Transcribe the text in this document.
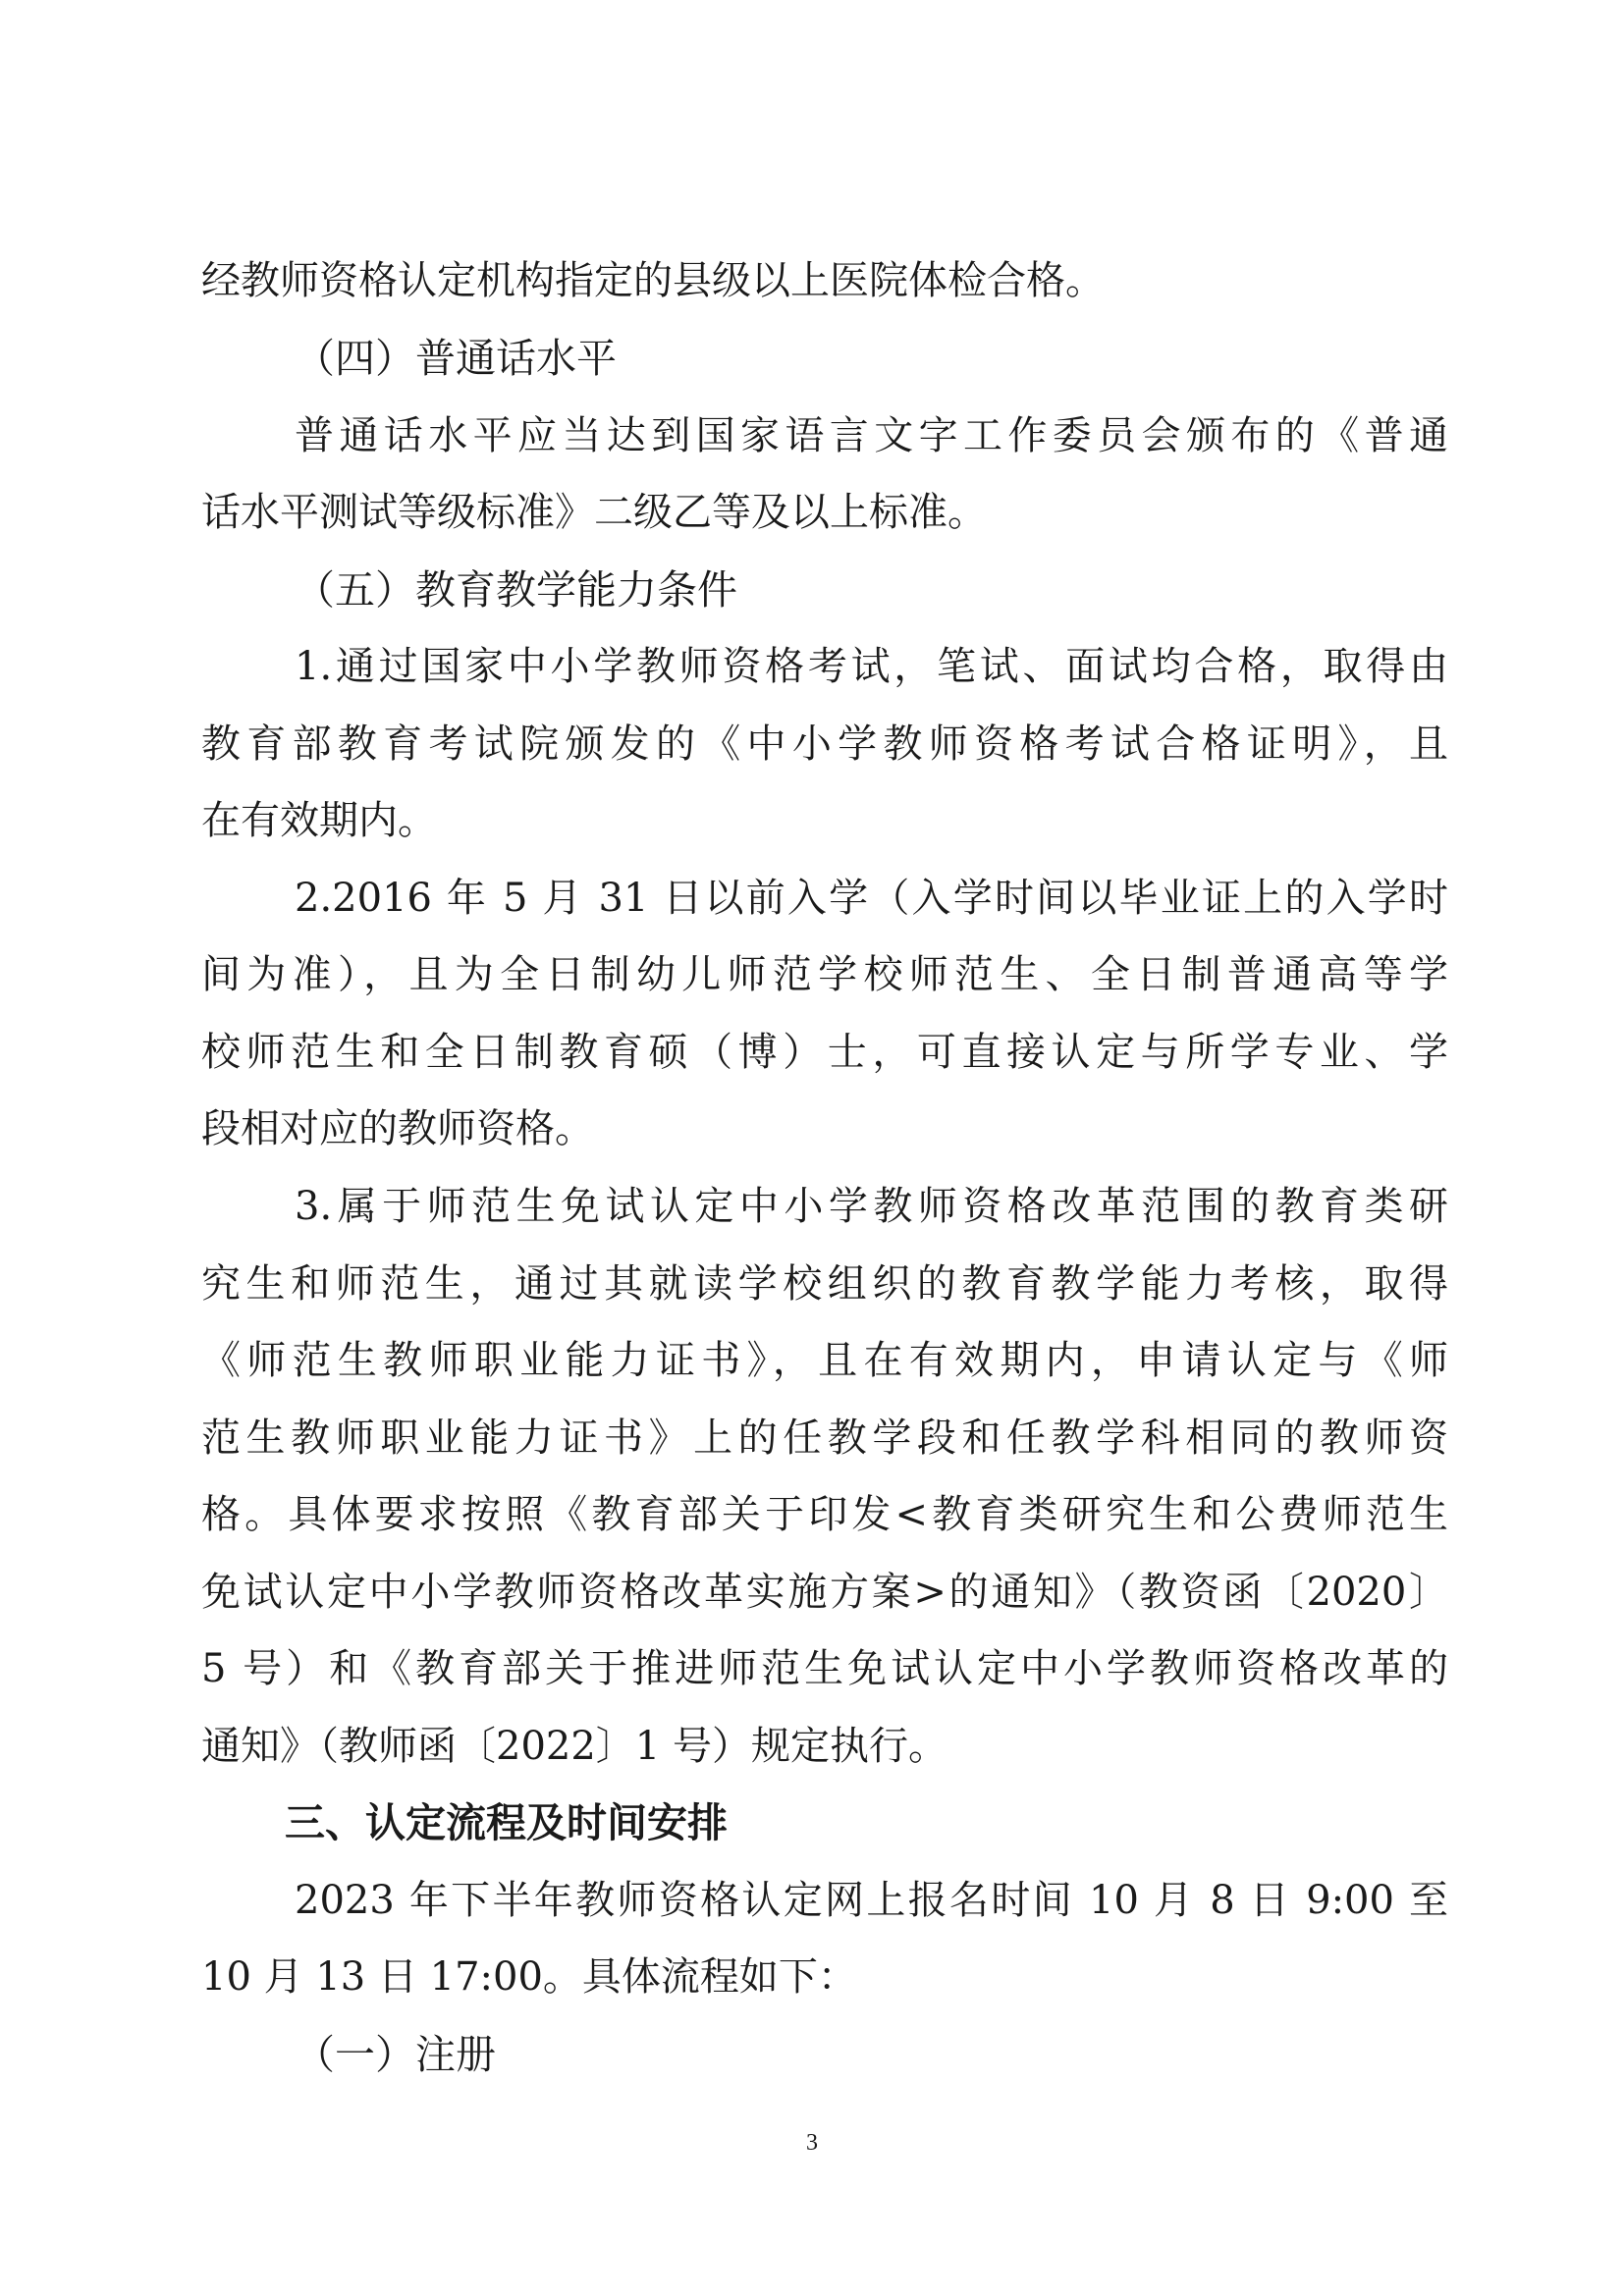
经教师资格认定机构指定的县级以上医院体检合格。
（四）普通话水平
普通话水平应当达到国家语言文字工作委员会颁布的《普通
话水平测试等级标准》二级乙等及以上标准。
（五）教育教学能力条件
1.通过国家中小学教师资格考试，笔试、面试均合格，取得由
教育部教育考试院颁发的《中小学教师资格考试合格证明》，且
在有效期内。
2.2016 年 5 月 31 日以前入学（入学时间以毕业证上的入学时
间为准），且为全日制幼儿师范学校师范生、全日制普通高等学
校师范生和全日制教育硕（博）士，可直接认定与所学专业、学
段相对应的教师资格。
3.属于师范生免试认定中小学教师资格改革范围的教育类研
究生和师范生，通过其就读学校组织的教育教学能力考核，取得
《师范生教师职业能力证书》，且在有效期内，申请认定与《师
范生教师职业能力证书》上的任教学段和任教学科相同的教师资
格。具体要求按照《教育部关于印发<教育类研究生和公费师范生
免试认定中小学教师资格改革实施方案>的通知》（教资函〔2020〕
5 号）和《教育部关于推进师范生免试认定中小学教师资格改革的
通知》（教师函〔2022〕1 号）规定执行。
三、认定流程及时间安排
2023 年下半年教师资格认定网上报名时间 10 月 8 日 9:00 至
10 月 13 日 17:00。具体流程如下：
（一）注册
3
